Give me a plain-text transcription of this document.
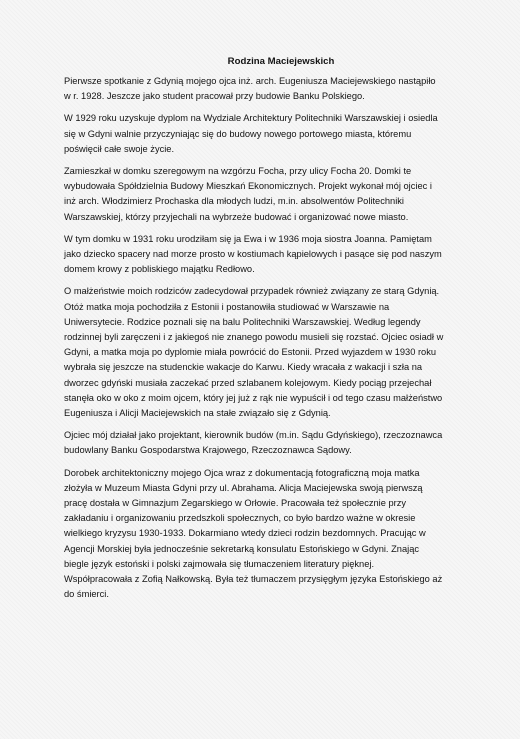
Rodzina Maciejewskich

Pierwsze spotkanie z Gdynią mojego ojca inż. arch. Eugeniusza Maciejewskiego nastąpiło
w r. 1928. Jeszcze jako student pracował przy budowie Banku Polskiego.

W 1929 roku uzyskuje dyplom na Wydziale Architektury Politechniki Warszawskiej i osiedla
się w Gdyni walnie przyczyniając się do budowy nowego portowego miasta, któremu
poświęcił całe swoje życie.

Zamieszkał w domku szeregowym na wzgórzu Focha, przy ulicy Focha 20. Domki te
wybudowała Spółdzielnia Budowy Mieszkań Ekonomicznych. Projekt wykonał mój ojciec i
inż arch. Włodzimierz Prochaska dla młodych ludzi, m.in. absolwentów Politechniki
Warszawskiej, którzy przyjechali na wybrzeże budować i organizować nowe miasto.

W tym domku w 1931 roku urodziłam się ja Ewa i w 1936 moja siostra Joanna. Pamiętam
jako dziecko spacery nad morze prosto w kostiumach kąpielowych i pasące się pod naszym
domem krowy z pobliskiego majątku Redłowo.

O małżeństwie moich rodziców zadecydował przypadek również związany ze starą Gdynią.
Otóż matka moja pochodziła z Estonii i postanowiła studiować w Warszawie na
Uniwersytecie. Rodzice poznali się na balu Politechniki Warszawskiej. Według legendy
rodzinnej byli zaręczeni i z jakiegoś nie znanego powodu musieli się rozstać. Ojciec osiadł w
Gdyni, a matka moja po dyplomie miała powrócić do Estonii. Przed wyjazdem w 1930 roku
wybrała się jeszcze na studenckie wakacje do Karwu. Kiedy wracała z wakacji i szła na
dworzec gdyński musiała zaczekać przed szlabanem kolejowym. Kiedy pociąg przejechał
stanęła oko w oko z moim ojcem, który jej już z rąk nie wypuścił i od tego czasu małżeństwo
Eugeniusza i Alicji Maciejewskich na stałe związało się z Gdynią.

Ojciec mój działał jako projektant, kierownik budów (m.in. Sądu Gdyńskiego), rzeczoznawca
budowlany Banku Gospodarstwa Krajowego, Rzeczoznawca Sądowy.

Dorobek architektoniczny mojego Ojca wraz z dokumentacją fotograficzną moja matka
złożyła w Muzeum Miasta Gdyni przy ul. Abrahama. Alicja Maciejewska swoją pierwszą
pracę dostała w Gimnazjum Zegarskiego w Orłowie. Pracowała też społecznie przy
zakładaniu i organizowaniu przedszkoli społecznych, co było bardzo ważne w okresie
wielkiego kryzysu 1930-1933. Dokarmiano wtedy dzieci rodzin bezdomnych. Pracując w
Agencji Morskiej była jednocześnie sekretarką konsulatu Estońskiego w Gdyni. Znając
biegle język estoński i polski zajmowała się tłumaczeniem literatury pięknej.
Współpracowała z Zofią Nałkowską. Była też tłumaczem przysięgłym języka Estońskiego aż
do śmierci.
